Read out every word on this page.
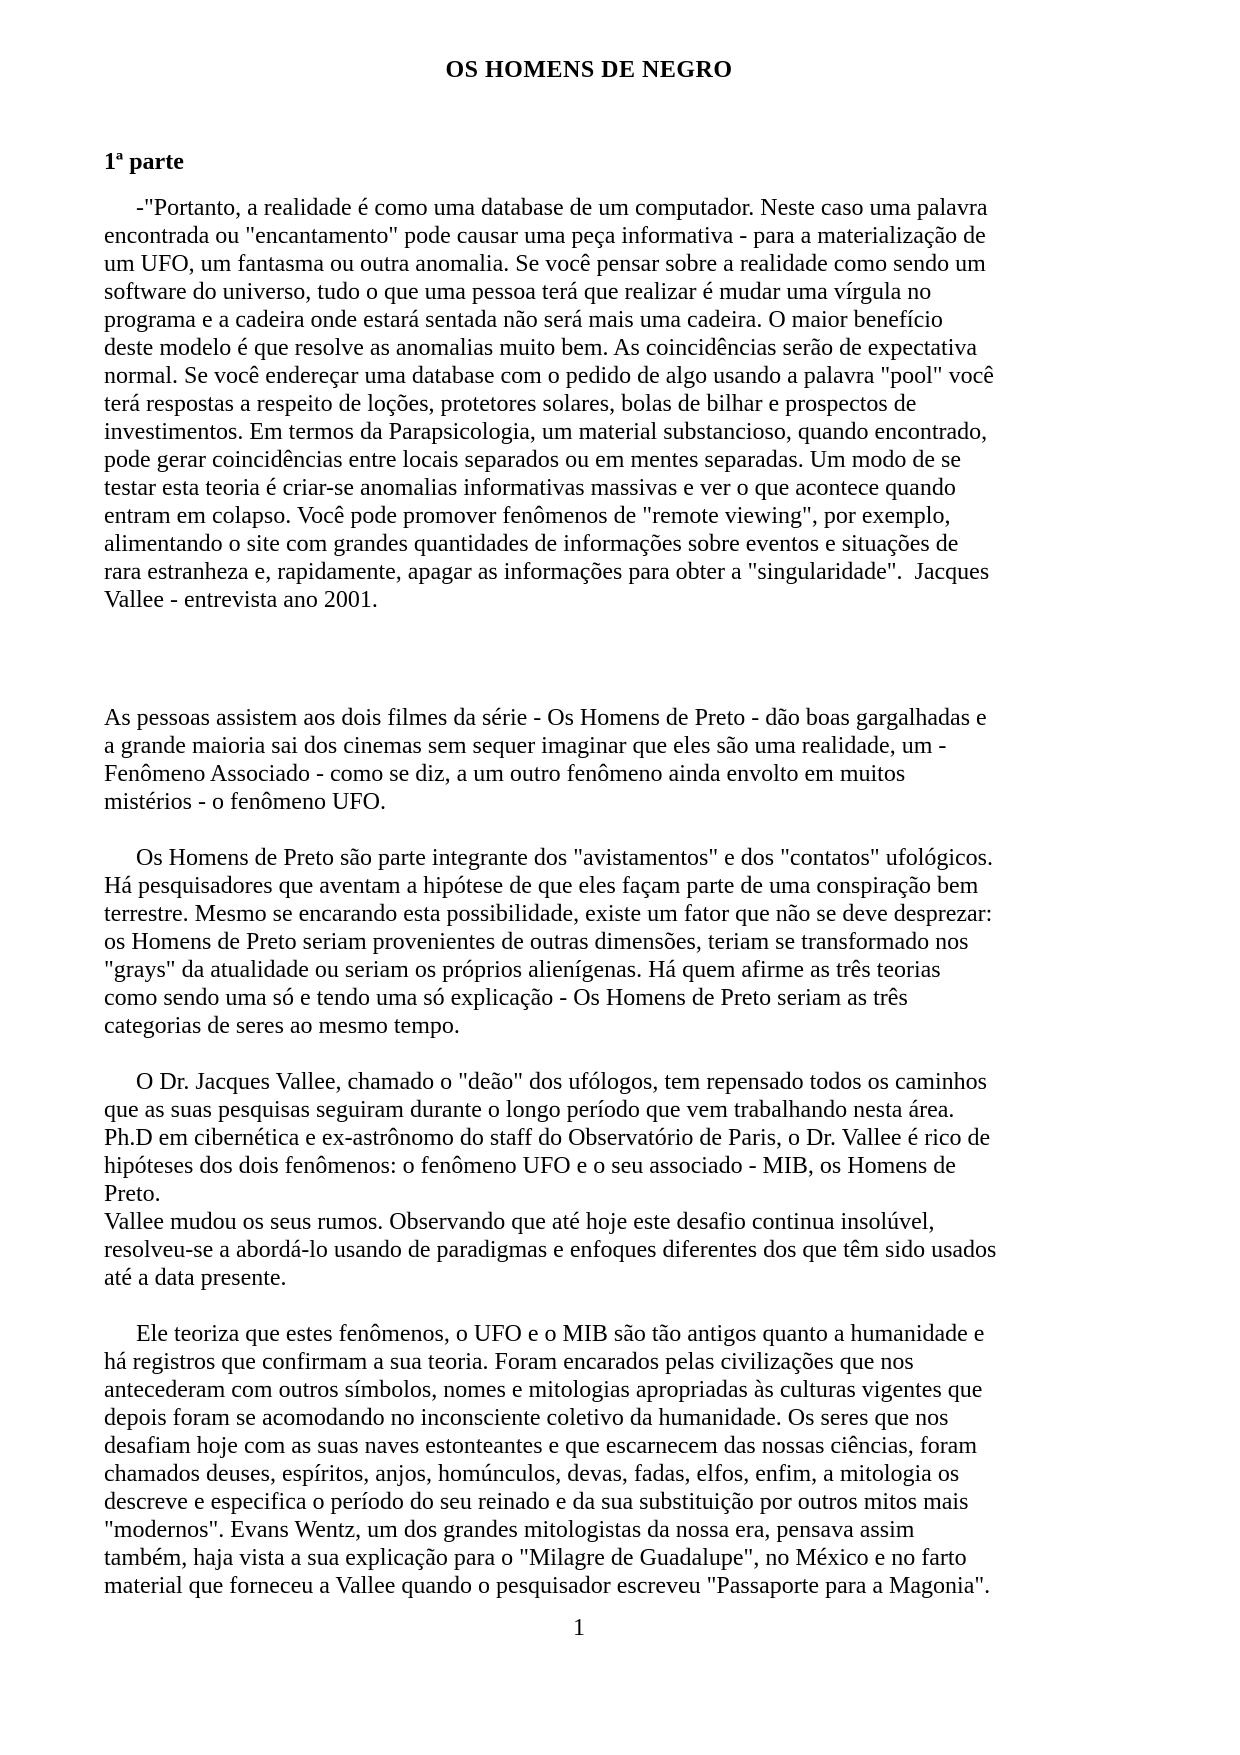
OS HOMENS DE NEGRO
1ª parte
-"Portanto, a realidade é como uma database de um computador. Neste caso uma palavra
encontrada ou "encantamento" pode causar uma peça informativa - para a materialização de
um UFO, um fantasma ou outra anomalia. Se você pensar sobre a realidade como sendo um
software do universo, tudo o que uma pessoa terá que realizar é mudar uma vírgula no
programa e a cadeira onde estará sentada não será mais uma cadeira. O maior benefício
deste modelo é que resolve as anomalias muito bem. As coincidências serão de expectativa
normal. Se você endereçar uma database com o pedido de algo usando a palavra "pool" você
terá respostas a respeito de loções, protetores solares, bolas de bilhar e prospectos de
investimentos. Em termos da Parapsicologia, um material substancioso, quando encontrado,
pode gerar coincidências entre locais separados ou em mentes separadas. Um modo de se
testar esta teoria é criar-se anomalias informativas massivas e ver o que acontece quando
entram em colapso. Você pode promover fenômenos de "remote viewing", por exemplo,
alimentando o site com grandes quantidades de informações sobre eventos e situações de
rara estranheza e, rapidamente, apagar as informações para obter a "singularidade".  Jacques
Vallee - entrevista ano 2001.
As pessoas assistem aos dois filmes da série - Os Homens de Preto - dão boas gargalhadas e
a grande maioria sai dos cinemas sem sequer imaginar que eles são uma realidade, um -
Fenômeno Associado - como se diz, a um outro fenômeno ainda envolto em muitos
mistérios - o fenômeno UFO.
Os Homens de Preto são parte integrante dos "avistamentos" e dos "contatos" ufológicos.
Há pesquisadores que aventam a hipótese de que eles façam parte de uma conspiração bem
terrestre. Mesmo se encarando esta possibilidade, existe um fator que não se deve desprezar:
os Homens de Preto seriam provenientes de outras dimensões, teriam se transformado nos
"grays" da atualidade ou seriam os próprios alienígenas. Há quem afirme as três teorias
como sendo uma só e tendo uma só explicação - Os Homens de Preto seriam as três
categorias de seres ao mesmo tempo.
O Dr. Jacques Vallee, chamado o "deão" dos ufólogos, tem repensado todos os caminhos
que as suas pesquisas seguiram durante o longo período que vem trabalhando nesta área.
Ph.D em cibernética e ex-astrônomo do staff do Observatório de Paris, o Dr. Vallee é rico de
hipóteses dos dois fenômenos: o fenômeno UFO e o seu associado - MIB, os Homens de
Preto.
Vallee mudou os seus rumos. Observando que até hoje este desafio continua insolúvel,
resolveu-se a abordá-lo usando de paradigmas e enfoques diferentes dos que têm sido usados
até a data presente.
Ele teoriza que estes fenômenos, o UFO e o MIB são tão antigos quanto a humanidade e
há registros que confirmam a sua teoria. Foram encarados pelas civilizações que nos
antecederam com outros símbolos, nomes e mitologias apropriadas às culturas vigentes que
depois foram se acomodando no inconsciente coletivo da humanidade. Os seres que nos
desafiam hoje com as suas naves estonteantes e que escarnecem das nossas ciências, foram
chamados deuses, espíritos, anjos, homúnculos, devas, fadas, elfos, enfim, a mitologia os
descreve e especifica o período do seu reinado e da sua substituição por outros mitos mais
"modernos". Evans Wentz, um dos grandes mitologistas da nossa era, pensava assim
também, haja vista a sua explicação para o "Milagre de Guadalupe", no México e no farto
material que forneceu a Vallee quando o pesquisador escreveu "Passaporte para a Magonia".
1
